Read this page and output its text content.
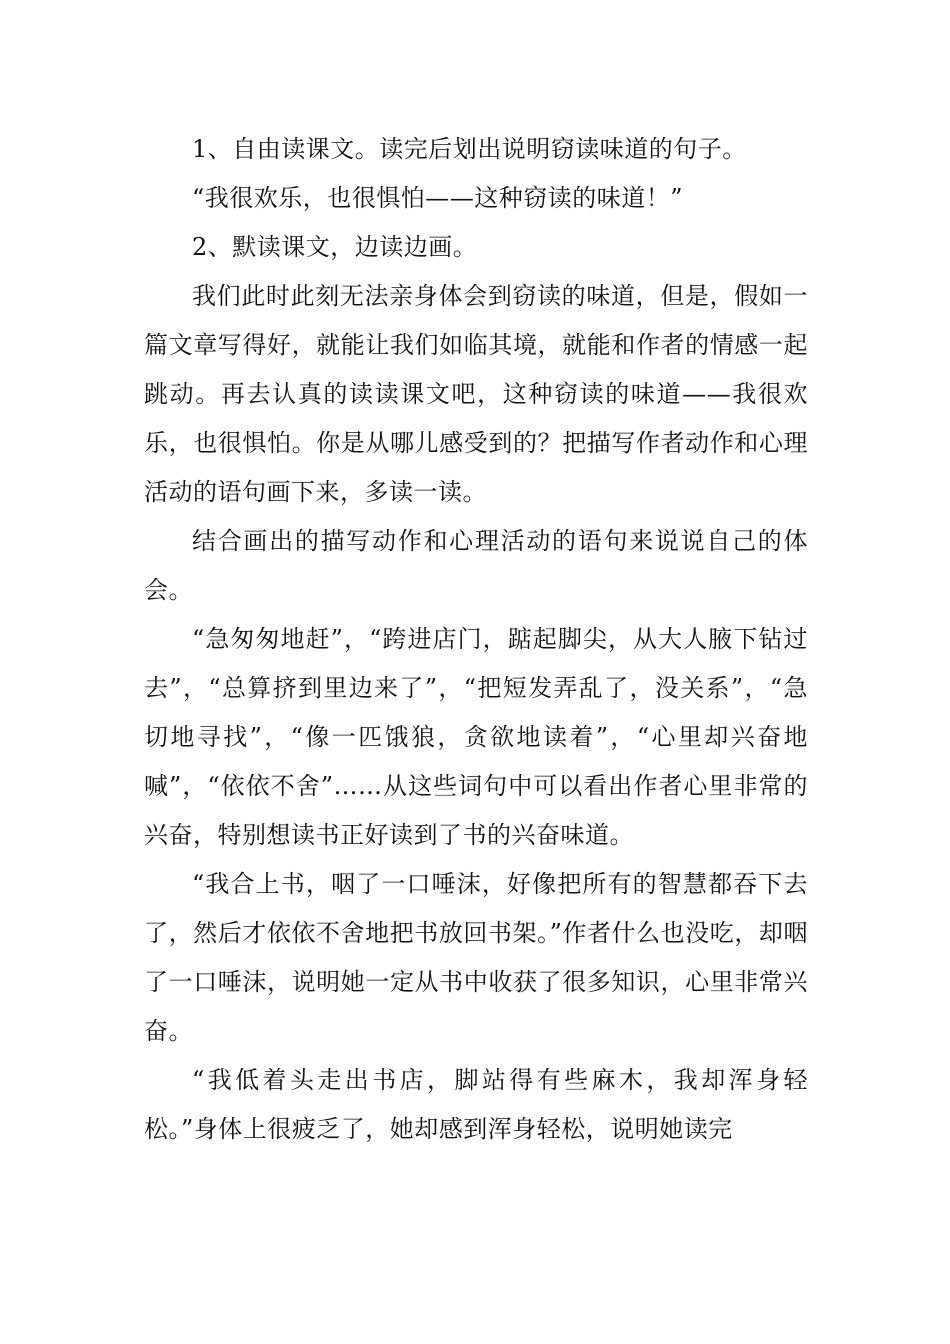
1、自由读课文。读完后划出说明窃读味道的句子。

“我很欢乐，也很惧怕——这种窃读的味道！”

2、默读课文，边读边画。

我们此时此刻无法亲身体会到窃读的味道，但是，假如一篇文章写得好，就能让我们如临其境，就能和作者的情感一起跳动。再去认真的读读课文吧，这种窃读的味道——我很欢乐，也很惧怕。你是从哪儿感受到的？把描写作者动作和心理活动的语句画下来，多读一读。

结合画出的描写动作和心理活动的语句来说说自己的体会。

“急匆匆地赶”，“跨进店门，踮起脚尖，从大人腋下钻过去”，“总算挤到里边来了”，“把短发弄乱了，没关系”，“急切地寻找”，“像一匹饿狼，贪欲地读着”，“心里却兴奋地喊”，“依依不舍”……从这些词句中可以看出作者心里非常的兴奋，特别想读书正好读到了书的兴奋味道。

“我合上书，咽了一口唾沫，好像把所有的智慧都吞下去了，然后才依依不舍地把书放回书架。”作者什么也没吃，却咽了一口唾沫，说明她一定从书中收获了很多知识，心里非常兴奋。

“我低着头走出书店，脚站得有些麻木，我却浑身轻松。”身体上很疲乏了，她却感到浑身轻松，说明她读完
